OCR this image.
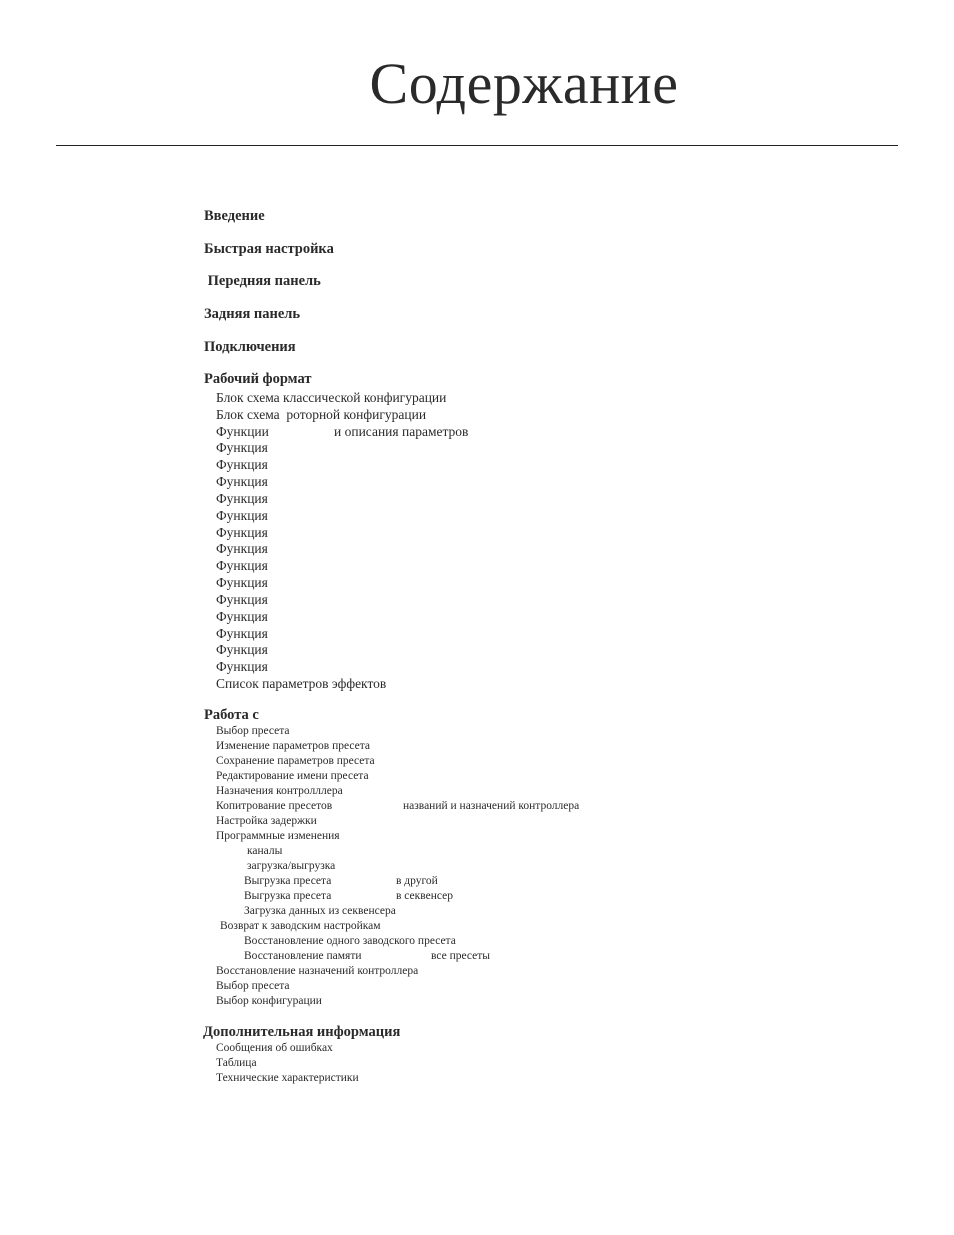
Содержание
Введение
Быстрая настройка
Передняя панель
Задняя панель
Подключения
Рабочий формат
Блок схема классической конфигурации
Блок схема  роторной конфигурации
Функции	и описания параметров
Функция
Функция
Функция
Функция
Функция
Функция
Функция
Функция
Функция
Функция
Функция
Функция
Функция
Функция
Список параметров эффектов
Работа с
Выбор пресета
Изменение параметров пресета
Сохранение параметров пресета
Редактирование имени пресета
Назначения контролллера
Копитрование пресетов	названий и назначений контроллера
Настройка задержки
Программные изменения
каналы
загрузка/выгрузка
Выгрузка пресета	в другой
Выгрузка пресета	в секвенсер
Загрузка данных из секвенсера
Возврат к заводским настройкам
Восстановление одного заводского пресета
Восстановление памяти	все пресеты
Восстановление назначений контроллера
Выбор пресета
Выбор конфигурации
Дополнительная информация
Сообщения об ошибках
Таблица
Технические характеристики
